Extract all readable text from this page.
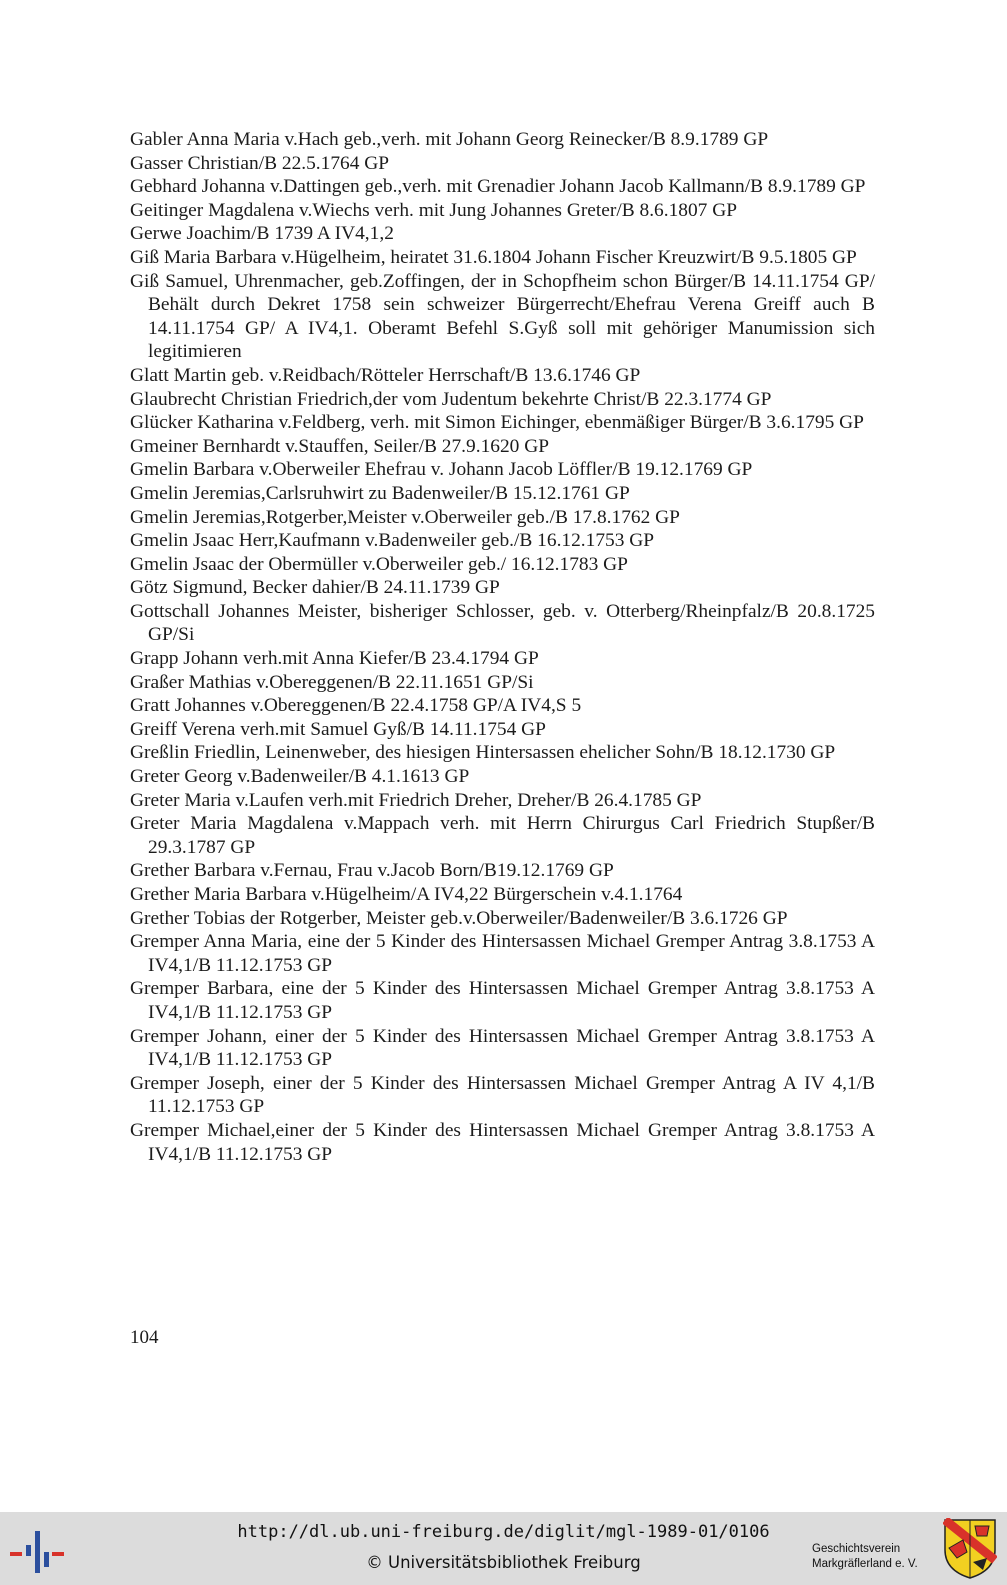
Gabler Anna Maria v.Hach geb.,verh. mit Johann Georg Reinecker/B 8.9.1789 GP

Gasser Christian/B 22.5.1764 GP

Gebhard Johanna v.Dattingen geb.,verh. mit Grenadier Johann Jacob Kallmann/B 8.9.1789 GP

Geitinger Magdalena v.Wiechs verh. mit Jung Johannes Greter/B 8.6.1807 GP

Gerwe Joachim/B 1739 A IV4,1,2

Giß Maria Barbara v.Hügelheim, heiratet 31.6.1804 Johann Fischer Kreuzwirt/B 9.5.1805 GP

Giß Samuel, Uhrenmacher, geb.Zoffingen, der in Schopfheim schon Bürger/B 14.11.1754 GP/ Behält durch Dekret 1758 sein schweizer Bürgerrecht/Ehefrau Verena Greiff auch B 14.11.1754 GP/ A IV4,1. Oberamt Befehl S.Gyß soll mit gehöriger Manumission sich legitimieren

Glatt Martin geb. v.Reidbach/Rötteler Herrschaft/B 13.6.1746 GP

Glaubrecht Christian Friedrich,der vom Judentum bekehrte Christ/B 22.3.1774 GP

Glücker Katharina v.Feldberg, verh. mit Simon Eichinger, ebenmäßiger Bürger/B 3.6.1795 GP

Gmeiner Bernhardt v.Stauffen, Seiler/B 27.9.1620 GP

Gmelin Barbara v.Oberweiler Ehefrau v. Johann Jacob Löffler/B 19.12.1769 GP

Gmelin Jeremias,Carlsruhwirt zu Badenweiler/B 15.12.1761 GP

Gmelin Jeremias,Rotgerber,Meister v.Oberweiler geb./B 17.8.1762 GP

Gmelin Jsaac Herr,Kaufmann v.Badenweiler geb./B 16.12.1753 GP

Gmelin Jsaac der Obermüller v.Oberweiler geb./ 16.12.1783 GP

Götz Sigmund, Becker dahier/B 24.11.1739 GP

Gottschall Johannes Meister, bisheriger Schlosser, geb. v. Otterberg/Rheinpfalz/B 20.8.1725 GP/Si

Grapp Johann verh.mit Anna Kiefer/B 23.4.1794 GP

Graßer Mathias v.Obereggenen/B 22.11.1651 GP/Si

Gratt Johannes v.Obereggenen/B 22.4.1758 GP/A IV4,S 5

Greiff Verena verh.mit Samuel Gyß/B 14.11.1754 GP

Greßlin Friedlin, Leinenweber, des hiesigen Hintersassen ehelicher Sohn/B 18.12.1730 GP

Greter Georg v.Badenweiler/B 4.1.1613 GP

Greter Maria v.Laufen verh.mit Friedrich Dreher, Dreher/B 26.4.1785 GP

Greter Maria Magdalena v.Mappach verh. mit Herrn Chirurgus Carl Friedrich Stupßer/B 29.3.1787 GP

Grether Barbara v.Fernau, Frau v.Jacob Born/B19.12.1769 GP

Grether Maria Barbara v.Hügelheim/A IV4,22 Bürgerschein v.4.1.1764

Grether Tobias der Rotgerber, Meister geb.v.Oberweiler/Badenweiler/B 3.6.1726 GP

Gremper Anna Maria, eine der 5 Kinder des Hintersassen Michael Gremper Antrag 3.8.1753 A IV4,1/B 11.12.1753 GP

Gremper Barbara, eine der 5 Kinder des Hintersassen Michael Gremper Antrag 3.8.1753 A IV4,1/B 11.12.1753 GP

Gremper Johann, einer der 5 Kinder des Hintersassen Michael Gremper Antrag 3.8.1753 A IV4,1/B 11.12.1753 GP

Gremper Joseph, einer der 5 Kinder des Hintersassen Michael Gremper Antrag A IV 4,1/B 11.12.1753 GP

Gremper Michael,einer der 5 Kinder des Hintersassen Michael Gremper Antrag 3.8.1753 A IV4,1/B 11.12.1753 GP

104
http://dl.ub.uni-freiburg.de/diglit/mgl-1989-01/0106
© Universitätsbibliothek Freiburg
Geschichtsverein
Markgräflerland e. V.
